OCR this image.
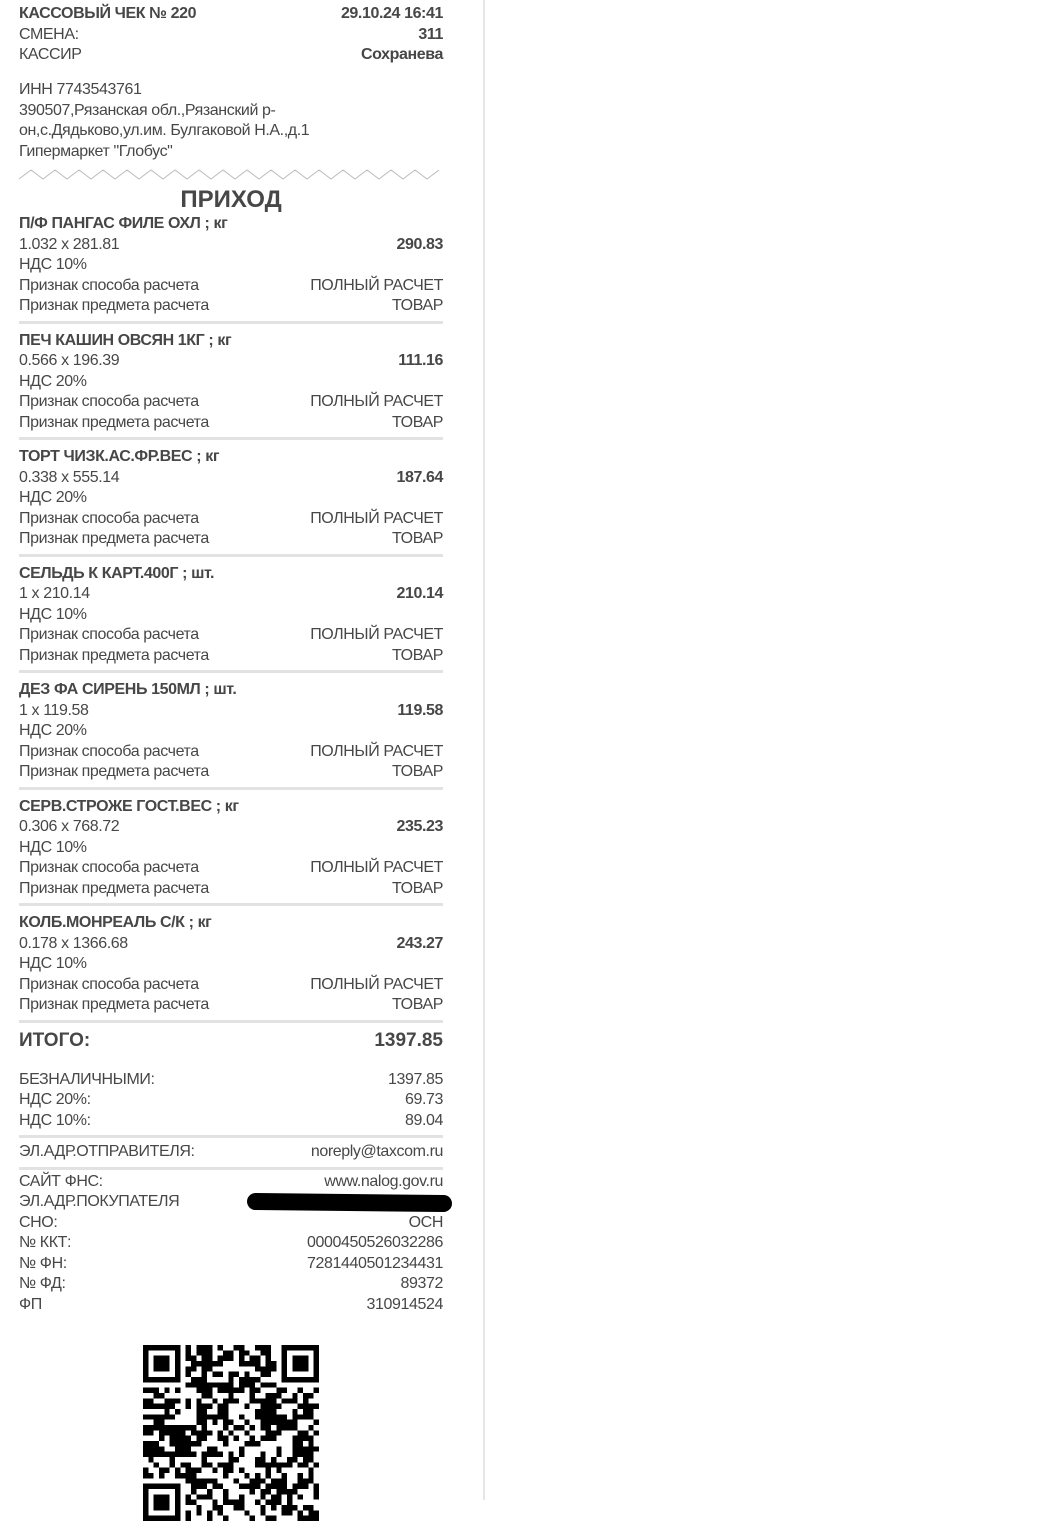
КАССОВЫЙ ЧЕК № 220	29.10.24 16:41
СМЕНА:	311
КАССИР	Сохранева
ИНН 7743543761
390507,Рязанская обл.,Рязанский р-
он,с.Дядьково,ул.им. Булгаковой Н.А.,д.1
Гипермаркет "Глобус"
ПРИХОД
П/Ф ПАНГАС ФИЛЕ ОХЛ ; кг
1.032 x 281.81	290.83
НДС 10%
Признак способа расчета	ПОЛНЫЙ РАСЧЕТ
Признак предмета расчета	ТОВАР
ПЕЧ КАШИН ОВСЯН 1КГ ; кг
0.566 x 196.39	111.16
НДС 20%
Признак способа расчета	ПОЛНЫЙ РАСЧЕТ
Признак предмета расчета	ТОВАР
ТОРТ ЧИЗК.АС.ФР.ВЕС ; кг
0.338 x 555.14	187.64
НДС 20%
Признак способа расчета	ПОЛНЫЙ РАСЧЕТ
Признак предмета расчета	ТОВАР
СЕЛЬДЬ К КАРТ.400Г ; шт.
1 x 210.14	210.14
НДС 10%
Признак способа расчета	ПОЛНЫЙ РАСЧЕТ
Признак предмета расчета	ТОВАР
ДЕЗ ФА СИРЕНЬ 150МЛ ; шт.
1 x 119.58	119.58
НДС 20%
Признак способа расчета	ПОЛНЫЙ РАСЧЕТ
Признак предмета расчета	ТОВАР
СЕРВ.СТРОЖЕ ГОСТ.ВЕС ; кг
0.306 x 768.72	235.23
НДС 10%
Признак способа расчета	ПОЛНЫЙ РАСЧЕТ
Признак предмета расчета	ТОВАР
КОЛБ.МОНРЕАЛЬ С/К ; кг
0.178 x 1366.68	243.27
НДС 10%
Признак способа расчета	ПОЛНЫЙ РАСЧЕТ
Признак предмета расчета	ТОВАР
ИТОГО:	1397.85
БЕЗНАЛИЧНЫМИ:	1397.85
НДС 20%:	69.73
НДС 10%:	89.04
ЭЛ.АДР.ОТПРАВИТЕЛЯ:	noreply@taxcom.ru
САЙТ ФНС:	www.nalog.gov.ru
ЭЛ.АДР.ПОКУПАТЕЛЯ
СНО:	ОСН
№ ККТ:	0000450526032286
№ ФН:	7281440501234431
№ ФД:	89372
ФП	310914524
